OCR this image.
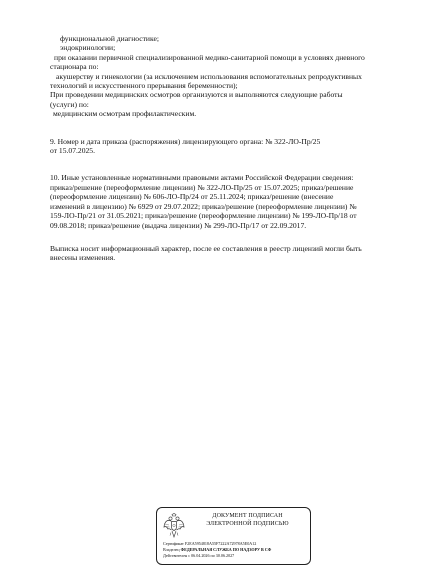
функциональной диагностике;
эндокринологии;
при оказании первичной специализированной медико-санитарной помощи в условиях дневного
стационара по:
акушерству и гинекологии (за исключением использования вспомогательных репродуктивных
технологий и искусственного прерывания беременности);
При проведении медицинских осмотров организуются и выполняются следующие работы
(услуги) по:
медицинским осмотрам профилактическим.
9. Номер и дата приказа (распоряжения) лицензирующего органа: № 322-ЛО-Пр/25
от 15.07.2025.
10. Иные установленные нормативными правовыми актами Российской Федерации сведения:
приказ/решение (переоформление лицензии) № 322-ЛО-Пр/25 от 15.07.2025; приказ/решение
(переоформление лицензии) № 606-ЛО-Пр/24 от 25.11.2024; приказ/решение (внесение
изменений в лицензию) № 6929 от 29.07.2022; приказ/решение (переоформление лицензии) №
159-ЛО-Пр/21 от 31.05.2021; приказ/решение (переоформление лицензии) № 199-ЛО-Пр/18 от
09.08.2018; приказ/решение (выдача лицензии) № 299-ЛО-Пр/17 от 22.09.2017.
Выписка носит информационный характер, после ее составления в реестр лицензий могли быть
внесены изменения.
ДОКУМЕНТ ПОДПИСАН
ЭЛЕКТРОННОЙ ПОДПИСЬЮ
Сертификат F2EA5954818A55F7222A72978A5E0A12
Владелец ФЕДЕРАЛЬНАЯ СЛУЖБА ПО НАДЗОРУ В СФ
Действителен с 06.04.2026 по 30.06.2027
